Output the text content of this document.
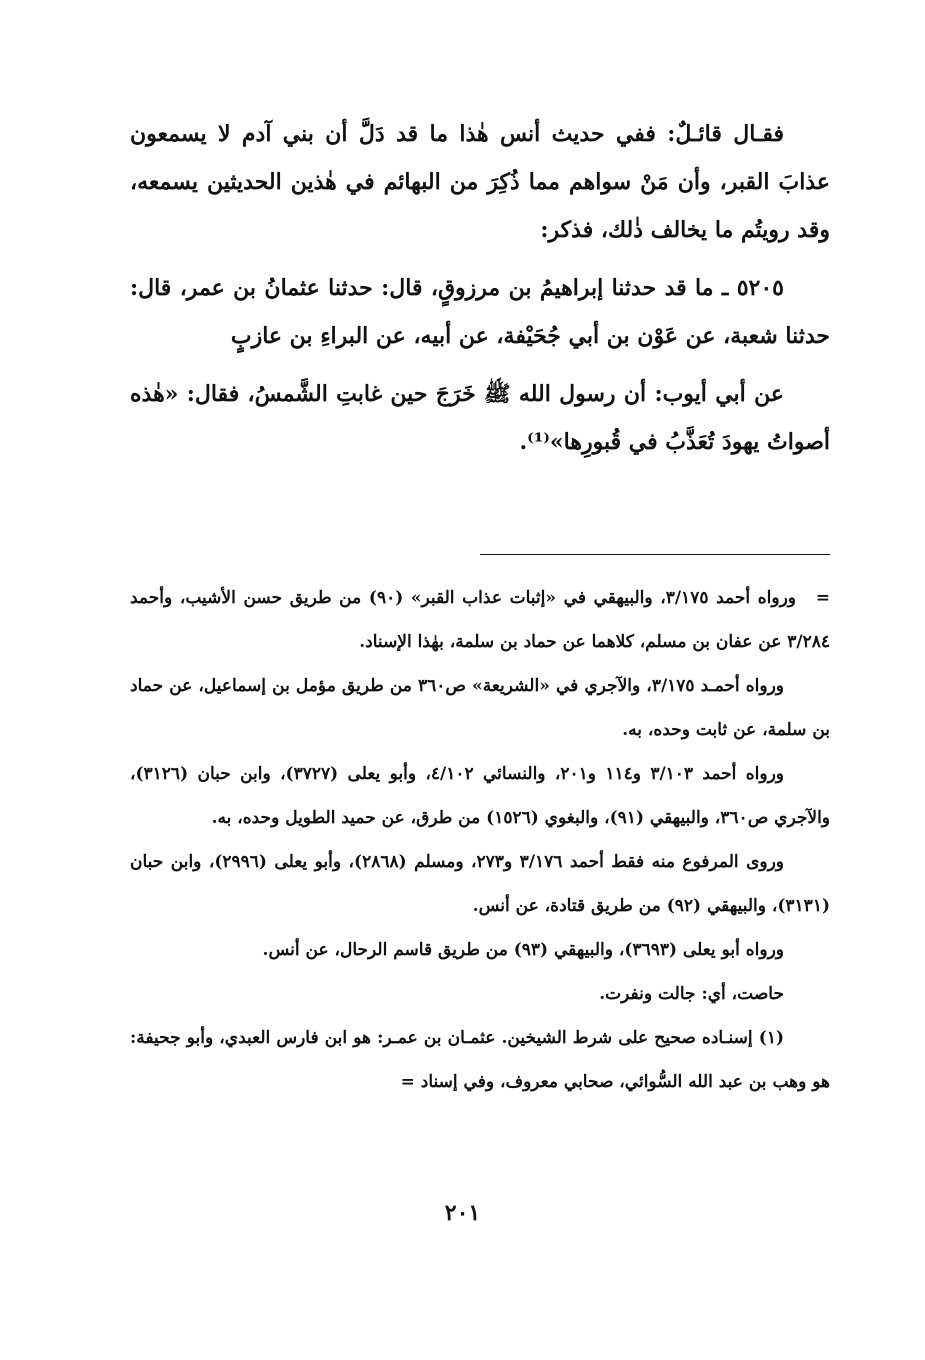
فقـال قائـلٌ: ففي حديث أنس هٰذا ما قد دَلَّ أن بني آدم لا يسمعون عذابَ القبر، وأن مَنْ سواهم مما ذُكِرَ من البهائم في هٰذين الحديثين يسمعه، وقد رويتُم ما يخالف ذٰلك، فذكر:

٥٢٠٥ ـ ما قد حدثنا إبراهيمُ بن مرزوقٍ، قال: حدثنا عثمانُ بن عمر، قال: حدثنا شعبة، عن عَوْن بن أبي جُحَيْفة، عن أبيه، عن البراءِ بن عازبٍ

عن أبي أيوب: أن رسول الله ﷺ خَرَجَ حين غابتِ الشَّمسُ، فقال: «هٰذه أصواتُ يهودَ تُعَذَّبُ في قُبورِها»⁽¹⁾.

=ورواه أحمد ٣/١٧٥، والبيهقي في «إثبات عذاب القبر» (٩٠) من طريق حسن الأشيب، وأحمد ٣/٢٨٤ عن عفان بن مسلم، كلاهما عن حماد بن سلمة، بهٰذا الإسناد.

ورواه أحمـد ٣/١٧٥، والآجري في «الشريعة» ص٣٦٠ من طريق مؤمل بن إسماعيل، عن حماد بن سلمة، عن ثابت وحده، به.

ورواه أحمد ٣/١٠٣ و١١٤ و٢٠١، والنسائي ٤/١٠٢، وأبو يعلى (٣٧٢٧)، وابن حبان (٣١٢٦)، والآجري ص٣٦٠، والبيهقي (٩١)، والبغوي (١٥٢٦) من طرق، عن حميد الطويل وحده، به.

وروى المرفوع منه فقط أحمد ٣/١٧٦ و٢٧٣، ومسلم (٢٨٦٨)، وأبو يعلى (٢٩٩٦)، وابن حبان (٣١٣١)، والبيهقي (٩٢) من طريق قتادة، عن أنس.

ورواه أبو يعلى (٣٦٩٣)، والبيهقي (٩٣) من طريق قاسم الرحال، عن أنس.

حاصت، أي: جالت ونفرت.

(١) إسنـاده صحيح على شرط الشيخين. عثمـان بن عمـر: هو ابن فارس العبدي، وأبو جحيفة: هو وهب بن عبد الله السُّوائي، صحابي معروف، وفي إسناد =

٢٠١
